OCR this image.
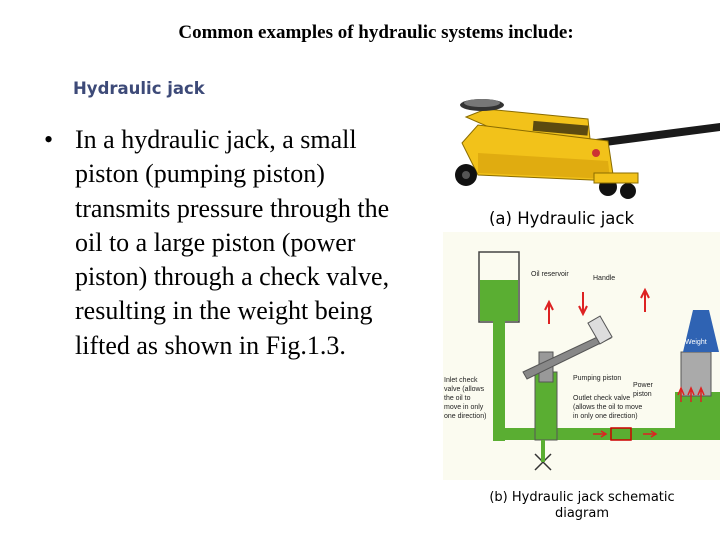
Common examples of hydraulic systems include:
Hydraulic jack
• In a hydraulic jack, a small piston (pumping piston) transmits pressure through the oil to a large piston (power piston) through a check valve, resulting in the weight being lifted as shown in Fig.1.3.
(a) Hydraulic jack
Weight
Oil reservoir
Handle
Pumping piston
Power
piston
Outlet check valve
(allows the oil to move
in only one direction)
Inlet check
valve (allows
the oil to
move in only
one direction)
(b) Hydraulic jack schematic diagram
